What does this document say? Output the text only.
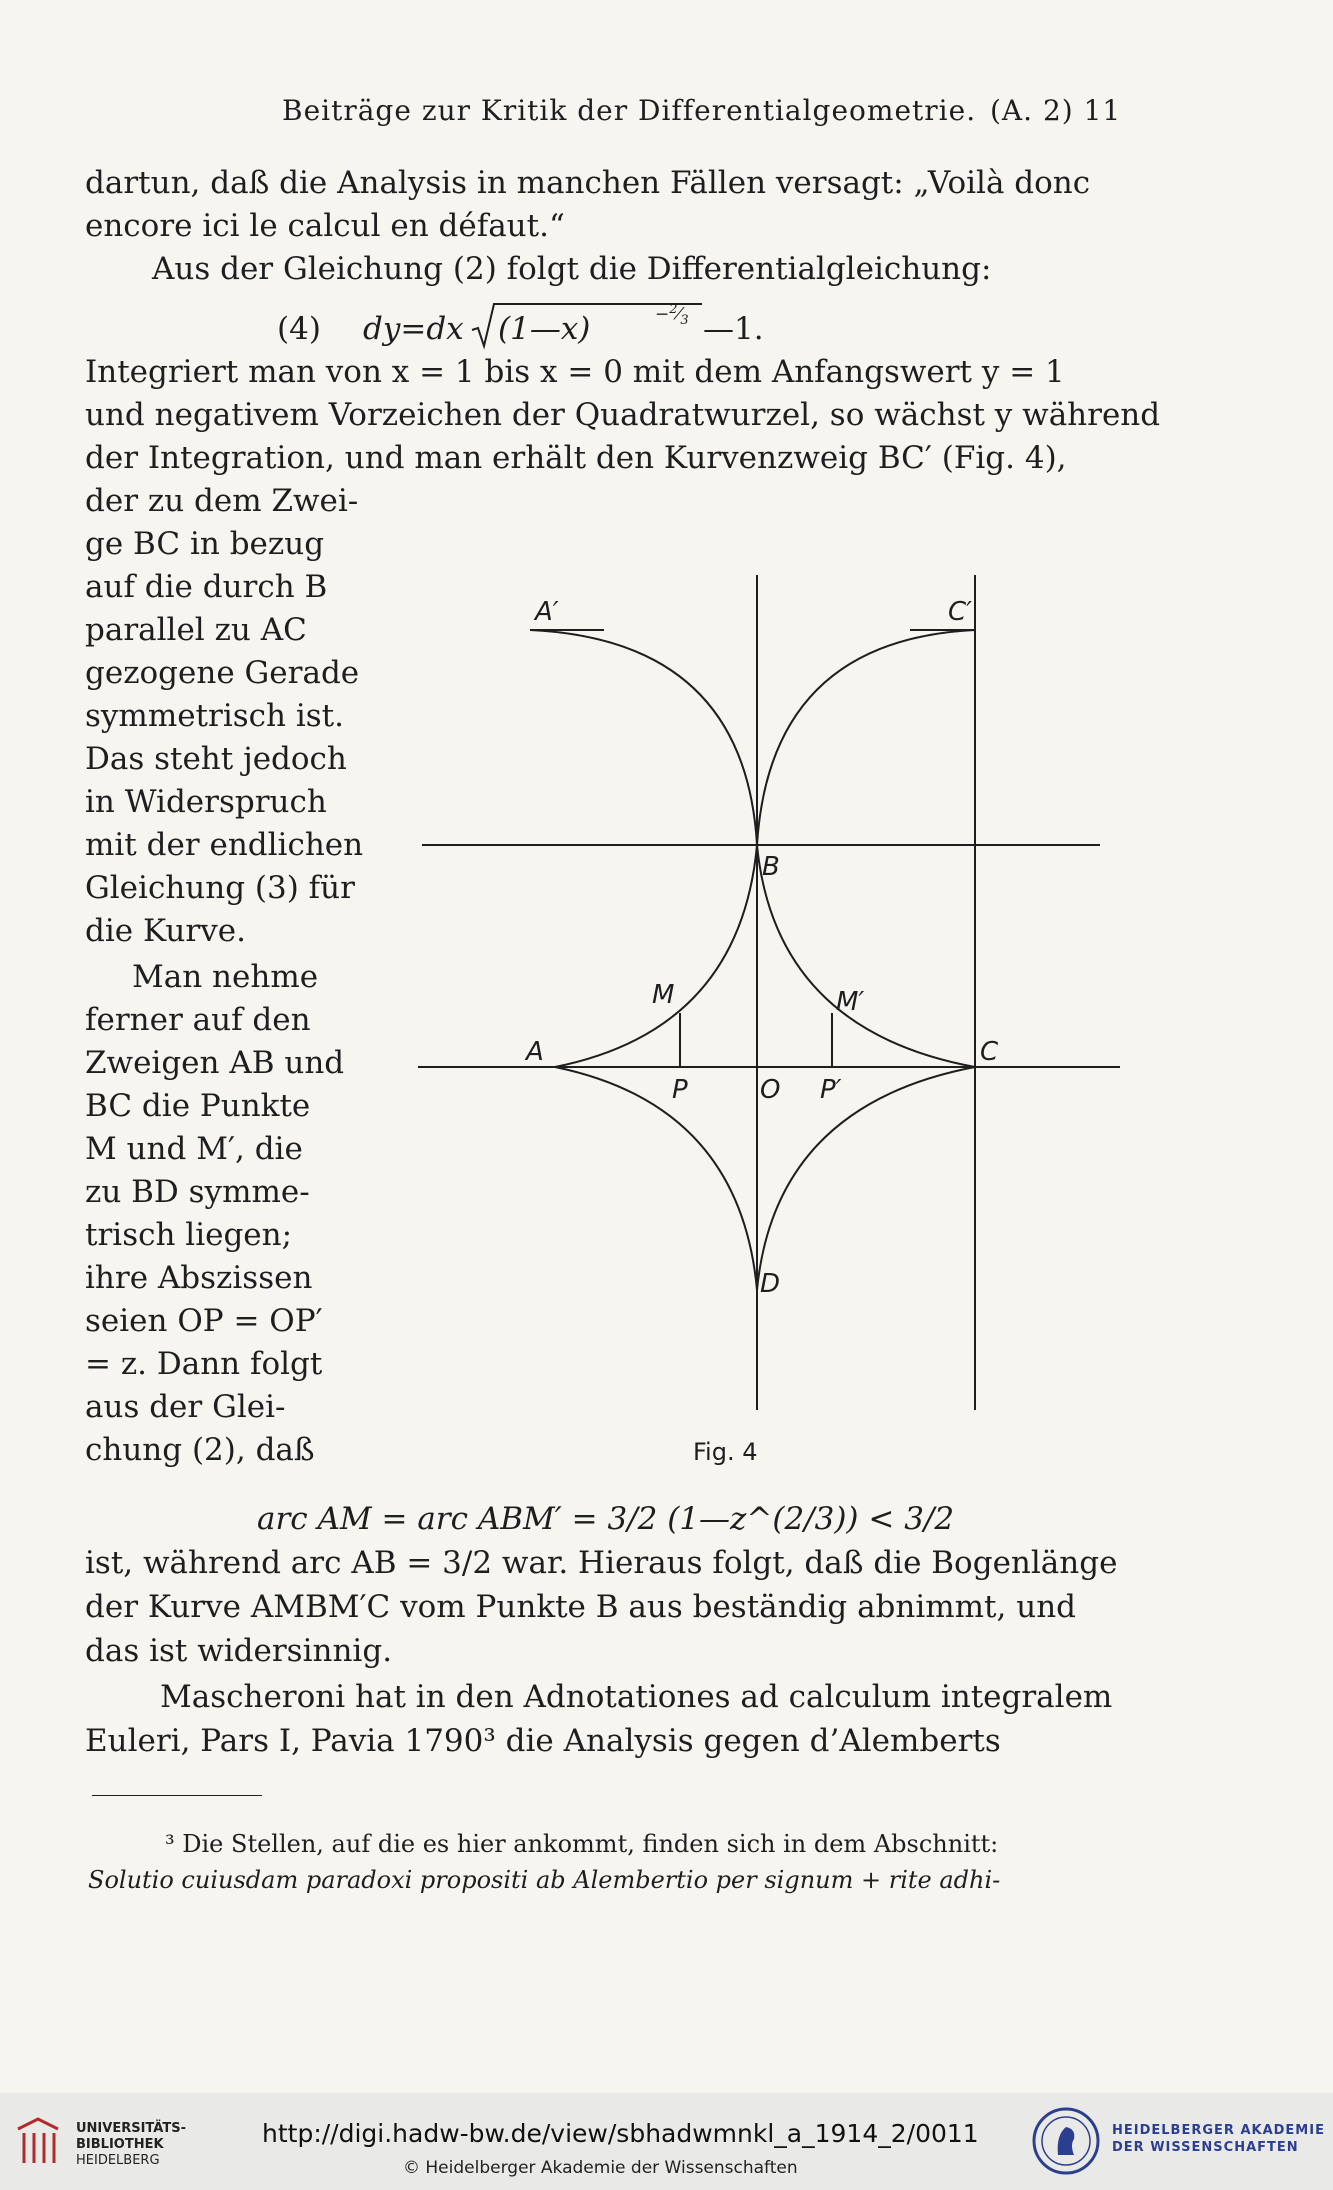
Beiträge zur Kritik der Differentialgeometrie. (A. 2) 11
dartun, daß die Analysis in manchen Fällen versagt: „Voilà donc
encore ici le calcul en défaut.“
Aus der Gleichung (2) folgt die Differentialgleichung:
(4) dy=dx (1—x)	$-^2⁄_3$ —1.
Integriert man von x = 1 bis x = 0 mit dem Anfangswert y = 1
und negativem Vorzeichen der Quadratwurzel, so wächst y während
der Integration, und man erhält den Kurvenzweig BC′ (Fig. 4),
der zu dem Zwei-
ge BC in bezug
auf die durch B
parallel zu AC
gezogene Gerade
symmetrisch ist.
Das steht jedoch
in Widerspruch
mit der endlichen
Gleichung (3) für
die Kurve.
Man nehme
ferner auf den
Zweigen AB und
BC die Punkte
M und M′, die
zu BD symme-
trisch liegen;
ihre Abszissen
seien OP = OP′
= z. Dann folgt
aus der Glei-
chung (2), daß
A′	C′
B
M	M′
A	C
P	O P′
D
Fig. 4
arc AM = arc ABM′ = 3/2 (1—z^(2/3)) < 3/2
ist, während arc AB = 3/2 war. Hieraus folgt, daß die Bogenlänge
der Kurve AMBM′C vom Punkte B aus beständig abnimmt, und
das ist widersinnig.
Mascheroni hat in den Adnotationes ad calculum integralem
Euleri, Pars I, Pavia 1790³ die Analysis gegen d’Alemberts
³ Die Stellen, auf die es hier ankommt, finden sich in dem Abschnitt:
Solutio cuiusdam paradoxi propositi ab Alembertio per signum + rite adhi-
UNIVERSITÄTS-
BIBLIOTHEK
HEIDELBERG
http://digi.hadw-bw.de/view/sbhadwmnkl_a_1914_2/0011
© Heidelberger Akademie der Wissenschaften
HEIDELBERGER AKADEMIE
DER WISSENSCHAFTEN
